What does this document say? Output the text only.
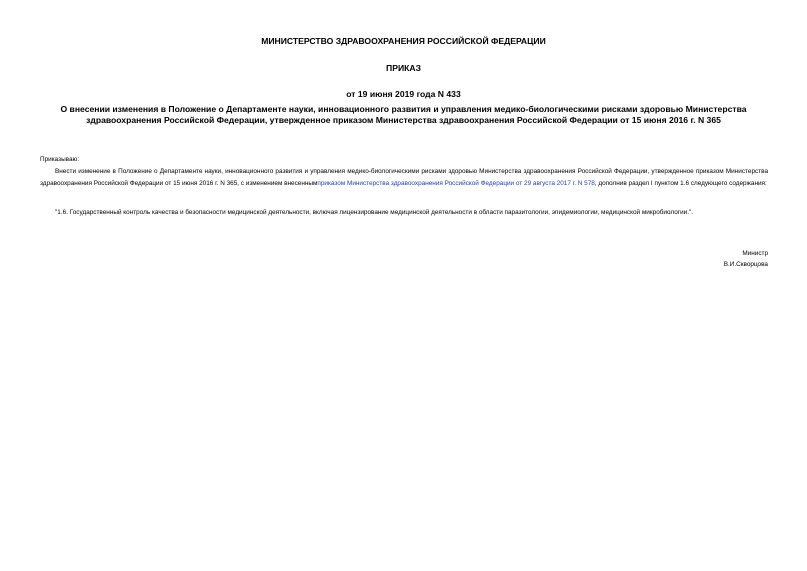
МИНИСТЕРСТВО ЗДРАВООХРАНЕНИЯ РОССИЙСКОЙ ФЕДЕРАЦИИ
ПРИКАЗ
от 19 июня 2019 года N 433
О внесении изменения в Положение о Департаменте науки, инновационного развития и управления медико-биологическими рисками здоровью Министерства здравоохранения Российской Федерации, утвержденное приказом Министерства здравоохранения Российской Федерации от 15 июня 2016 г. N 365
Приказываю:
Внести изменение в Положение о Департаменте науки, инновационного развития и управления медико-биологическими рисками здоровью Министерства здравоохранения Российской Федерации, утвержденное приказом Министерства здравоохранения Российской Федерации от 15 июня 2016 г. N 365, с изменением внесеннымприказом Министерства здравоохранения Российской Федерации от 29 августа 2017 г. N 578, дополнив раздел I пунктом 1.6 следующего содержания:
"1.6. Государственный контроль качества и безопасности медицинской деятельности, включая лицензирование медицинской деятельности в области паразитологии, эпидемиологии, медицинской микробиологии.".
Министр
В.И.Скворцова
